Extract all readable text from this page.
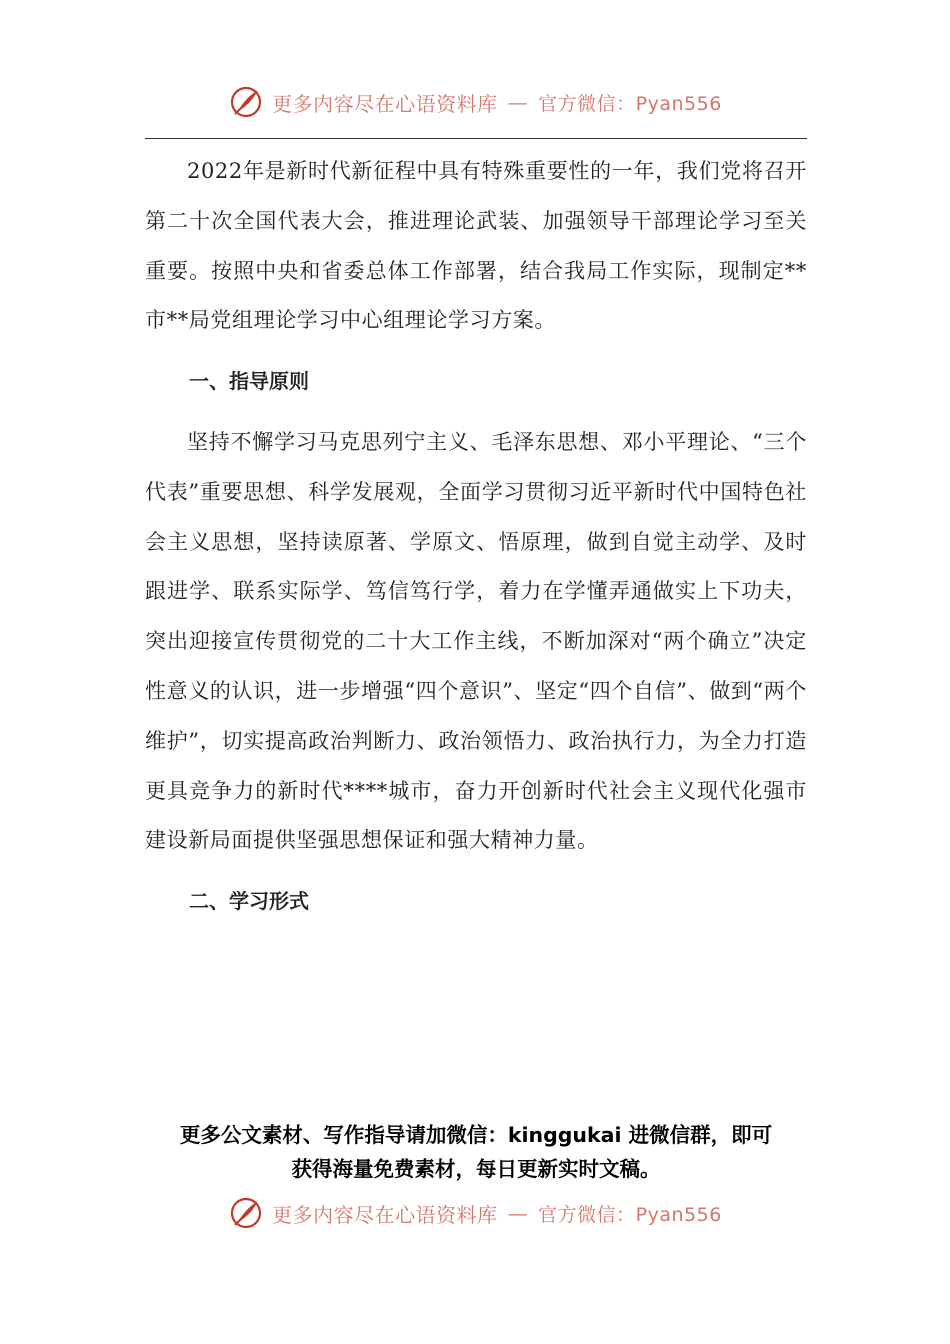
更多内容尽在心语资料库 — 官方微信：Pyan556

2022年是新时代新征程中具有特殊重要性的一年，我们党将召开第二十次全国代表大会，推进理论武装、加强领导干部理论学习至关重要。按照中央和省委总体工作部署，结合我局工作实际，现制定**市**局党组理论学习中心组理论学习方案。

一、指导原则

坚持不懈学习马克思列宁主义、毛泽东思想、邓小平理论、“三个代表”重要思想、科学发展观，全面学习贯彻习近平新时代中国特色社会主义思想，坚持读原著、学原文、悟原理，做到自觉主动学、及时跟进学、联系实际学、笃信笃行学，着力在学懂弄通做实上下功夫，突出迎接宣传贯彻党的二十大工作主线，不断加深对“两个确立”决定性意义的认识，进一步增强“四个意识”、坚定“四个自信”、做到“两个维护”，切实提高政治判断力、政治领悟力、政治执行力，为全力打造更具竞争力的新时代****城市，奋力开创新时代社会主义现代化强市建设新局面提供坚强思想保证和强大精神力量。

二、学习形式

更多公文素材、写作指导请加微信：kinggukai 进微信群，即可
获得海量免费素材，每日更新实时文稿。
更多内容尽在心语资料库 — 官方微信：Pyan556
